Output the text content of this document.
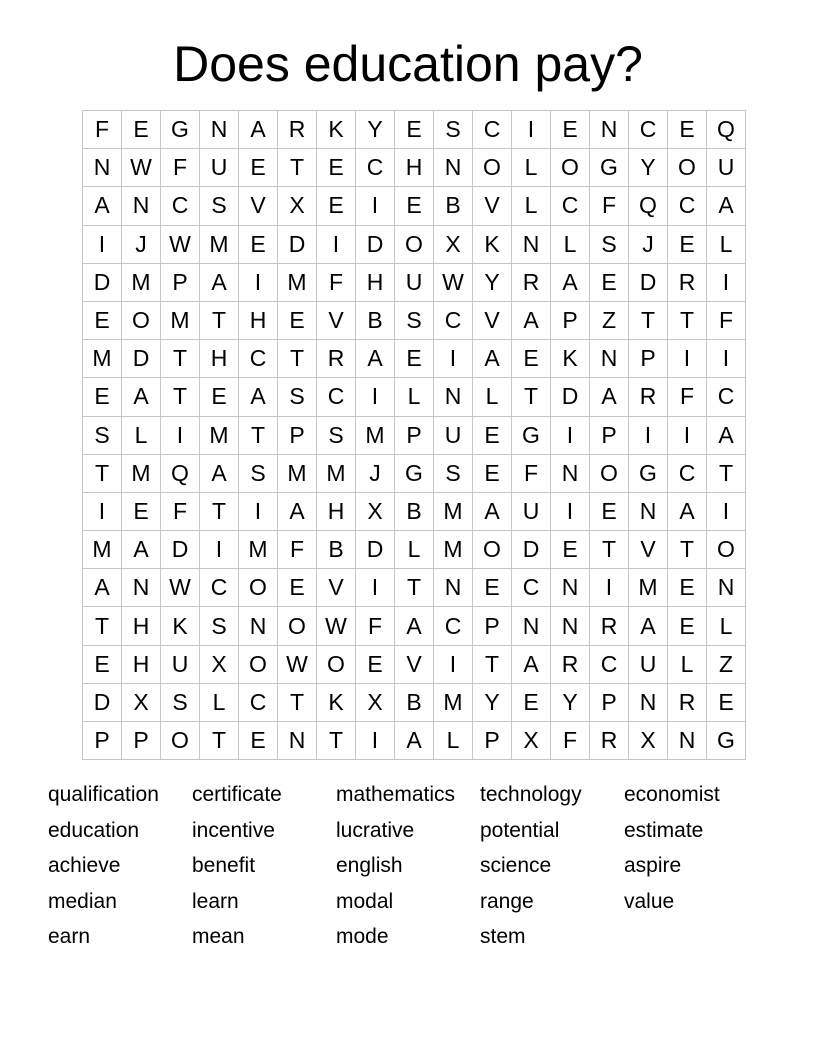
Does education pay?
F	E	G	N	A	R	K	Y	E	S	C	I	E	N	C	E	Q
N	W	F	U	E	T	E	C	H	N	O	L	O	G	Y	O	U
A	N	C	S	V	X	E	I	E	B	V	L	C	F	Q	C	A
I	J	W	M	E	D	I	D	O	X	K	N	L	S	J	E	L
D	M	P	A	I	M	F	H	U	W	Y	R	A	E	D	R	I
E	O	M	T	H	E	V	B	S	C	V	A	P	Z	T	T	F
M	D	T	H	C	T	R	A	E	I	A	E	K	N	P	I	I
E	A	T	E	A	S	C	I	L	N	L	T	D	A	R	F	C
S	L	I	M	T	P	S	M	P	U	E	G	I	P	I	I	A
T	M	Q	A	S	M	M	J	G	S	E	F	N	O	G	C	T
I	E	F	T	I	A	H	X	B	M	A	U	I	E	N	A	I
M	A	D	I	M	F	B	D	L	M	O	D	E	T	V	T	O
A	N	W	C	O	E	V	I	T	N	E	C	N	I	M	E	N
T	H	K	S	N	O	W	F	A	C	P	N	N	R	A	E	L
E	H	U	X	O	W	O	E	V	I	T	A	R	C	U	L	Z
D	X	S	L	C	T	K	X	B	M	Y	E	Y	P	N	R	E
P	P	O	T	E	N	T	I	A	L	P	X	F	R	X	N	G
qualification	certificate	mathematics	technology	economist
education	incentive	lucrative	potential	estimate
achieve	benefit	english	science	aspire
median	learn	modal	range	value
earn	mean	mode	stem
